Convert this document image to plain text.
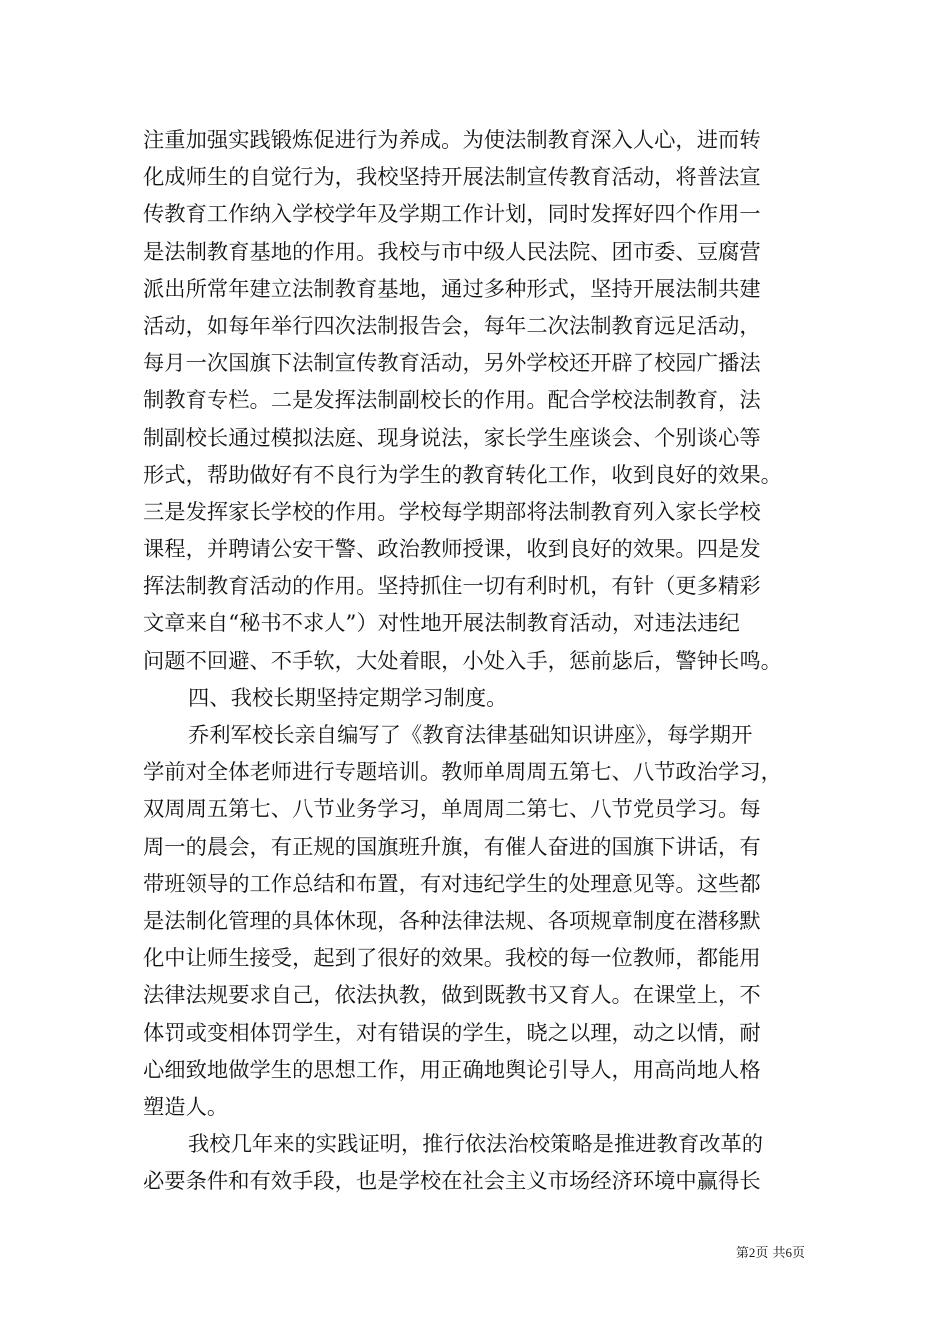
注重加强实践锻炼促进行为养成。为使法制教育深入人心，进而转
化成师生的自觉行为，我校坚持开展法制宣传教育活动，将普法宣
传教育工作纳入学校学年及学期工作计划，同时发挥好四个作用一
是法制教育基地的作用。我校与市中级人民法院、团市委、豆腐营
派出所常年建立法制教育基地，通过多种形式，坚持开展法制共建
活动，如每年举行四次法制报告会，每年二次法制教育远足活动，
每月一次国旗下法制宣传教育活动，另外学校还开辟了校园广播法
制教育专栏。二是发挥法制副校长的作用。配合学校法制教育，法
制副校长通过模拟法庭、现身说法，家长学生座谈会、个别谈心等
形式，帮助做好有不良行为学生的教育转化工作，收到良好的效果。
三是发挥家长学校的作用。学校每学期部将法制教育列入家长学校
课程，并聘请公安干警、政治教师授课，收到良好的效果。四是发
挥法制教育活动的作用。坚持抓住一切有利时机，有针（更多精彩
文章来自“秘书不求人”）对性地开展法制教育活动，对违法违纪
问题不回避、不手软，大处着眼，小处入手，惩前毖后，警钟长鸣。
四、我校长期坚持定期学习制度。
乔利军校长亲自编写了《教育法律基础知识讲座》，每学期开
学前对全体老师进行专题培训。教师单周周五第七、八节政治学习，
双周周五第七、八节业务学习，单周周二第七、八节党员学习。每
周一的晨会，有正规的国旗班升旗，有催人奋进的国旗下讲话，有
带班领导的工作总结和布置，有对违纪学生的处理意见等。这些都
是法制化管理的具体休现，各种法律法规、各项规章制度在潜移默
化中让师生接受，起到了很好的效果。我校的每一位教师，都能用
法律法规要求自己，依法执教，做到既教书又育人。在课堂上，不
体罚或变相体罚学生，对有错误的学生，晓之以理，动之以情，耐
心细致地做学生的思想工作，用正确地舆论引导人，用高尚地人格
塑造人。
我校几年来的实践证明，推行依法治校策略是推进教育改革的
必要条件和有效手段，也是学校在社会主义市场经济环境中赢得长
第2页 共6页
